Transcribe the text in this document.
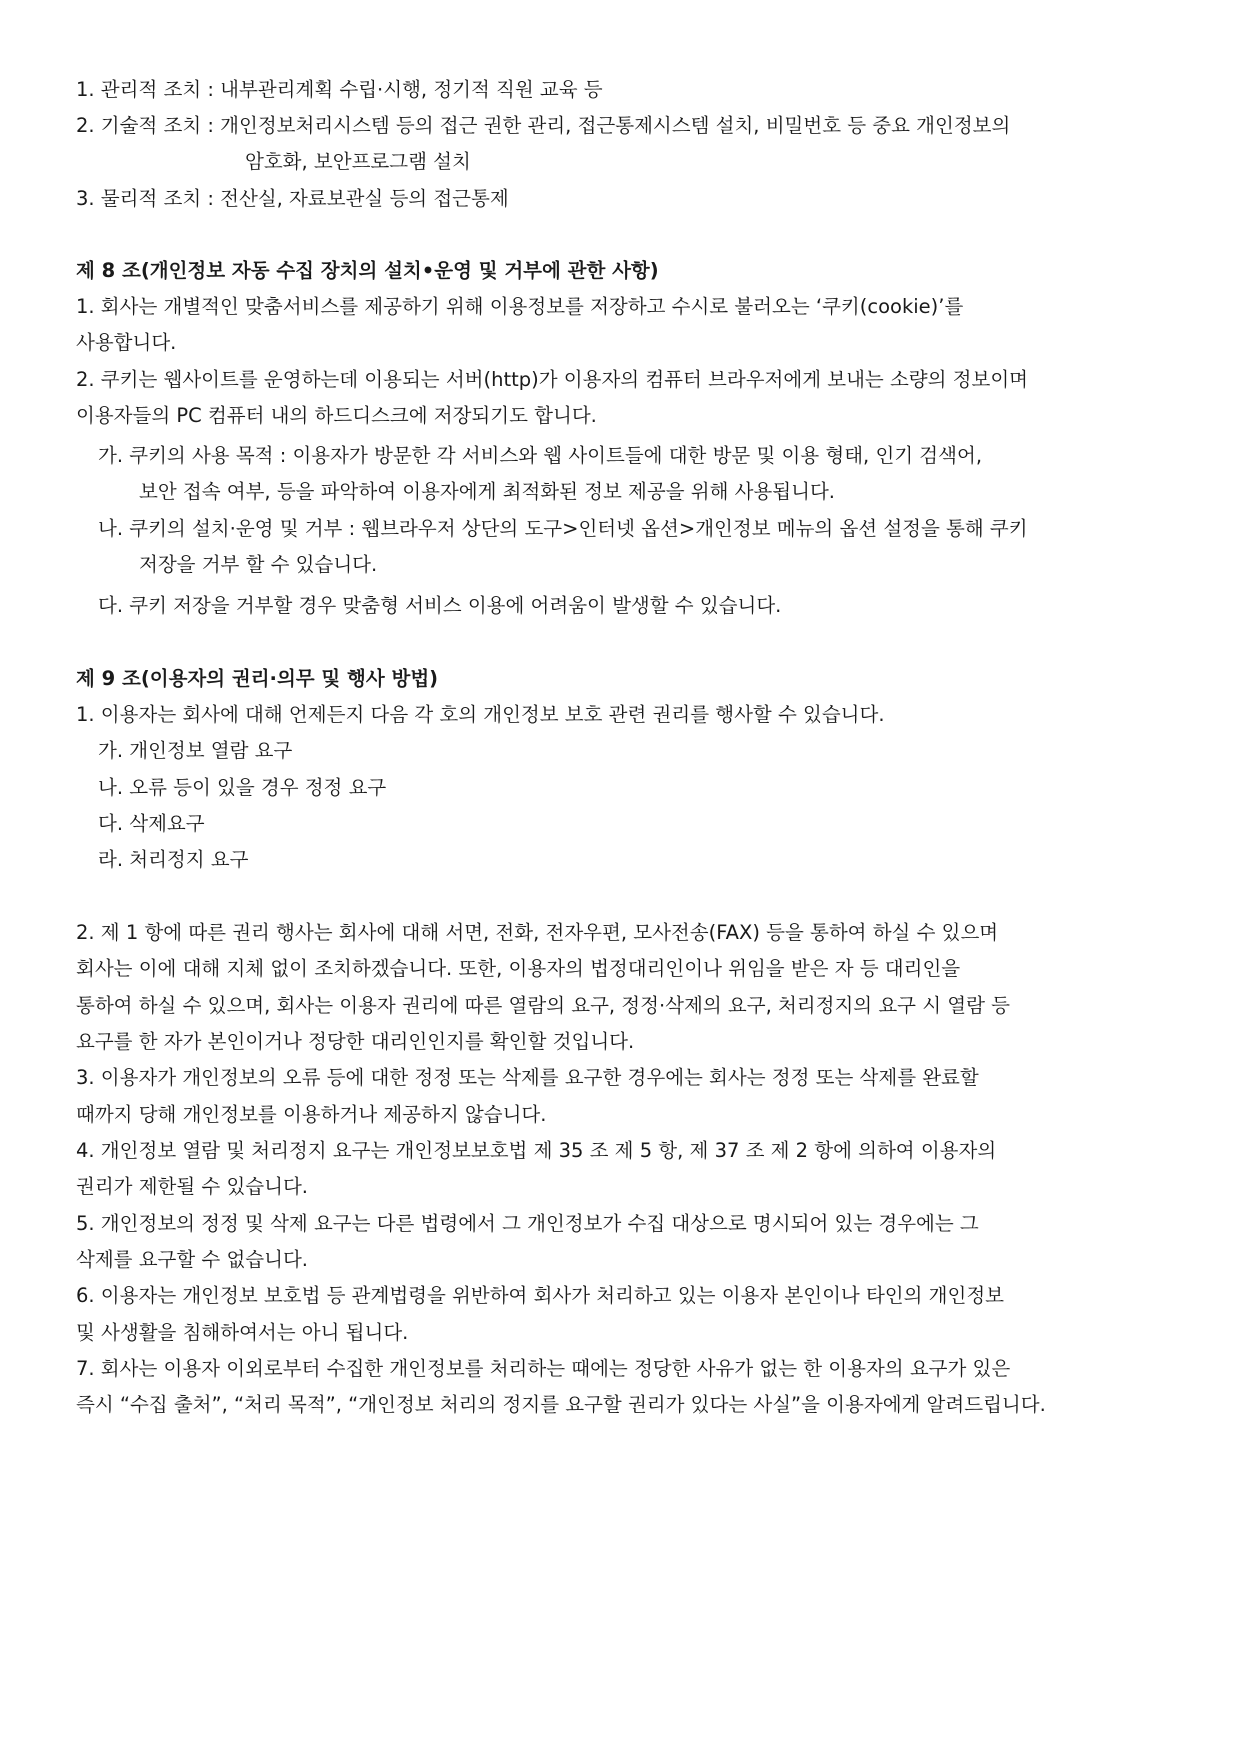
1. 관리적 조치 : 내부관리계획 수립·시행, 정기적 직원 교육 등
2. 기술적 조치 : 개인정보처리시스템 등의 접근 권한 관리, 접근통제시스템 설치, 비밀번호 등 중요 개인정보의
암호화, 보안프로그램 설치
3. 물리적 조치 : 전산실, 자료보관실 등의 접근통제
제 8 조(개인정보 자동 수집 장치의 설치•운영 및 거부에 관한 사항)
1. 회사는 개별적인 맞춤서비스를 제공하기 위해 이용정보를 저장하고 수시로 불러오는 ‘쿠키(cookie)’를
사용합니다.
2. 쿠키는 웹사이트를 운영하는데 이용되는 서버(http)가 이용자의 컴퓨터 브라우저에게 보내는 소량의 정보이며
이용자들의 PC 컴퓨터 내의 하드디스크에 저장되기도 합니다.
가. 쿠키의 사용 목적 : 이용자가 방문한 각 서비스와 웹 사이트들에 대한 방문 및 이용 형태, 인기 검색어,
보안 접속 여부, 등을 파악하여 이용자에게 최적화된 정보 제공을 위해 사용됩니다.
나. 쿠키의 설치·운영 및 거부 : 웹브라우저 상단의 도구>인터넷 옵션>개인정보 메뉴의 옵션 설정을 통해 쿠키
저장을 거부 할 수 있습니다.
다. 쿠키 저장을 거부할 경우 맞춤형 서비스 이용에 어려움이 발생할 수 있습니다.
제 9 조(이용자의 권리·의무 및 행사 방법)
1. 이용자는 회사에 대해 언제든지 다음 각 호의 개인정보 보호 관련 권리를 행사할 수 있습니다.
가. 개인정보 열람 요구
나. 오류 등이 있을 경우 정정 요구
다. 삭제요구
라. 처리정지 요구
2. 제 1 항에 따른 권리 행사는 회사에 대해 서면, 전화, 전자우편, 모사전송(FAX) 등을 통하여 하실 수 있으며
회사는 이에 대해 지체 없이 조치하겠습니다. 또한, 이용자의 법정대리인이나 위임을 받은 자 등 대리인을
통하여 하실 수 있으며, 회사는 이용자 권리에 따른 열람의 요구, 정정·삭제의 요구, 처리정지의 요구 시 열람 등
요구를 한 자가 본인이거나 정당한 대리인인지를 확인할 것입니다.
3. 이용자가 개인정보의 오류 등에 대한 정정 또는 삭제를 요구한 경우에는 회사는 정정 또는 삭제를 완료할
때까지 당해 개인정보를 이용하거나 제공하지 않습니다.
4. 개인정보 열람 및 처리정지 요구는 개인정보보호법 제 35 조 제 5 항, 제 37 조 제 2 항에 의하여 이용자의
권리가 제한될 수 있습니다.
5. 개인정보의 정정 및 삭제 요구는 다른 법령에서 그 개인정보가 수집 대상으로 명시되어 있는 경우에는 그
삭제를 요구할 수 없습니다.
6. 이용자는 개인정보 보호법 등 관계법령을 위반하여 회사가 처리하고 있는 이용자 본인이나 타인의 개인정보
및 사생활을 침해하여서는 아니 됩니다.
7. 회사는 이용자 이외로부터 수집한 개인정보를 처리하는 때에는 정당한 사유가 없는 한 이용자의 요구가 있은
즉시 “수집 출처”, “처리 목적”, “개인정보 처리의 정지를 요구할 권리가 있다는 사실”을 이용자에게 알려드립니다.
